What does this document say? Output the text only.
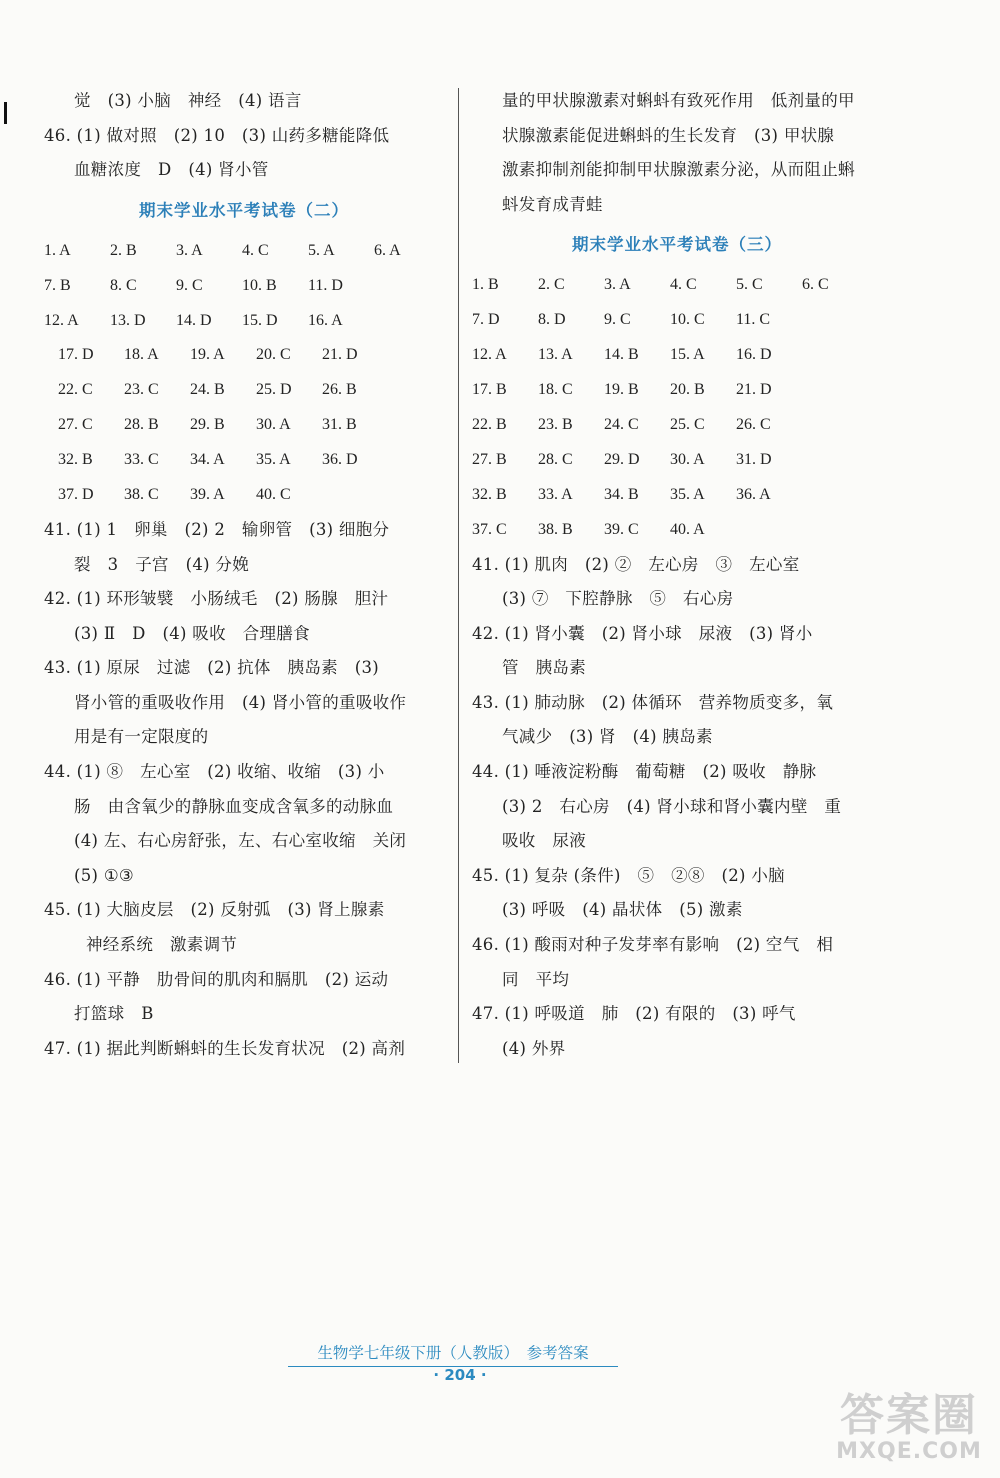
觉　(3) 小脑　神经　(4) 语言
46. (1) 做对照　(2) 10　(3) 山药多糖能降低
血糖浓度　D　(4) 肾小管
期末学业水平考试卷（二）
1. A	2. B	3. A	4. C	5. A	6. A
7. B	8. C	9. C	10. B	11. D
12. A	13. D	14. D	15. D	16. A
17. D	18. A	19. A	20. C	21. D
22. C	23. C	24. B	25. D	26. B
27. C	28. B	29. B	30. A	31. B
32. B	33. C	34. A	35. A	36. D
37. D	38. C	39. A	40. C
41. (1) 1　卵巢　(2) 2　输卵管　(3) 细胞分
裂　3　子宫　(4) 分娩
42. (1) 环形皱襞　小肠绒毛　(2) 肠腺　胆汁
(3) Ⅱ　D　(4) 吸收　合理膳食
43. (1) 原尿　过滤　(2) 抗体　胰岛素　(3)
肾小管的重吸收作用　(4) 肾小管的重吸收作
用是有一定限度的
44. (1) ⑧　左心室　(2) 收缩、收缩　(3) 小
肠　由含氧少的静脉血变成含氧多的动脉血
(4) 左、右心房舒张，左、右心室收缩　关闭
(5) ①③
45. (1) 大脑皮层　(2) 反射弧　(3) 肾上腺素
神经系统　激素调节
46. (1) 平静　肋骨间的肌肉和膈肌　(2) 运动
打篮球　B
47. (1) 据此判断蝌蚪的生长发育状况　(2) 高剂
量的甲状腺激素对蝌蚪有致死作用　低剂量的甲
状腺激素能促进蝌蚪的生长发育　(3) 甲状腺
激素抑制剂能抑制甲状腺激素分泌，从而阻止蝌
蚪发育成青蛙
期末学业水平考试卷（三）
1. B	2. C	3. A	4. C	5. C	6. C
7. D	8. D	9. C	10. C	11. C
12. A	13. A	14. B	15. A	16. D
17. B	18. C	19. B	20. B	21. D
22. B	23. B	24. C	25. C	26. C
27. B	28. C	29. D	30. A	31. D
32. B	33. A	34. B	35. A	36. A
37. C	38. B	39. C	40. A
41. (1) 肌肉　(2) ②　左心房　③　左心室
(3) ⑦　下腔静脉　⑤　右心房
42. (1) 肾小囊　(2) 肾小球　尿液　(3) 肾小
管　胰岛素
43. (1) 肺动脉　(2) 体循环　营养物质变多，氧
气减少　(3) 肾　(4) 胰岛素
44. (1) 唾液淀粉酶　葡萄糖　(2) 吸收　静脉
(3) 2　右心房　(4) 肾小球和肾小囊内壁　重
吸收　尿液
45. (1) 复杂 (条件)　⑤　②⑧　(2) 小脑
(3) 呼吸　(4) 晶状体　(5) 激素
46. (1) 酸雨对种子发芽率有影响　(2) 空气　相
同　平均
47. (1) 呼吸道　肺　(2) 有限的　(3) 呼气
(4) 外界
生物学七年级下册（人教版）　参考答案
· 204 ·
答案圈
MXQE.COM
